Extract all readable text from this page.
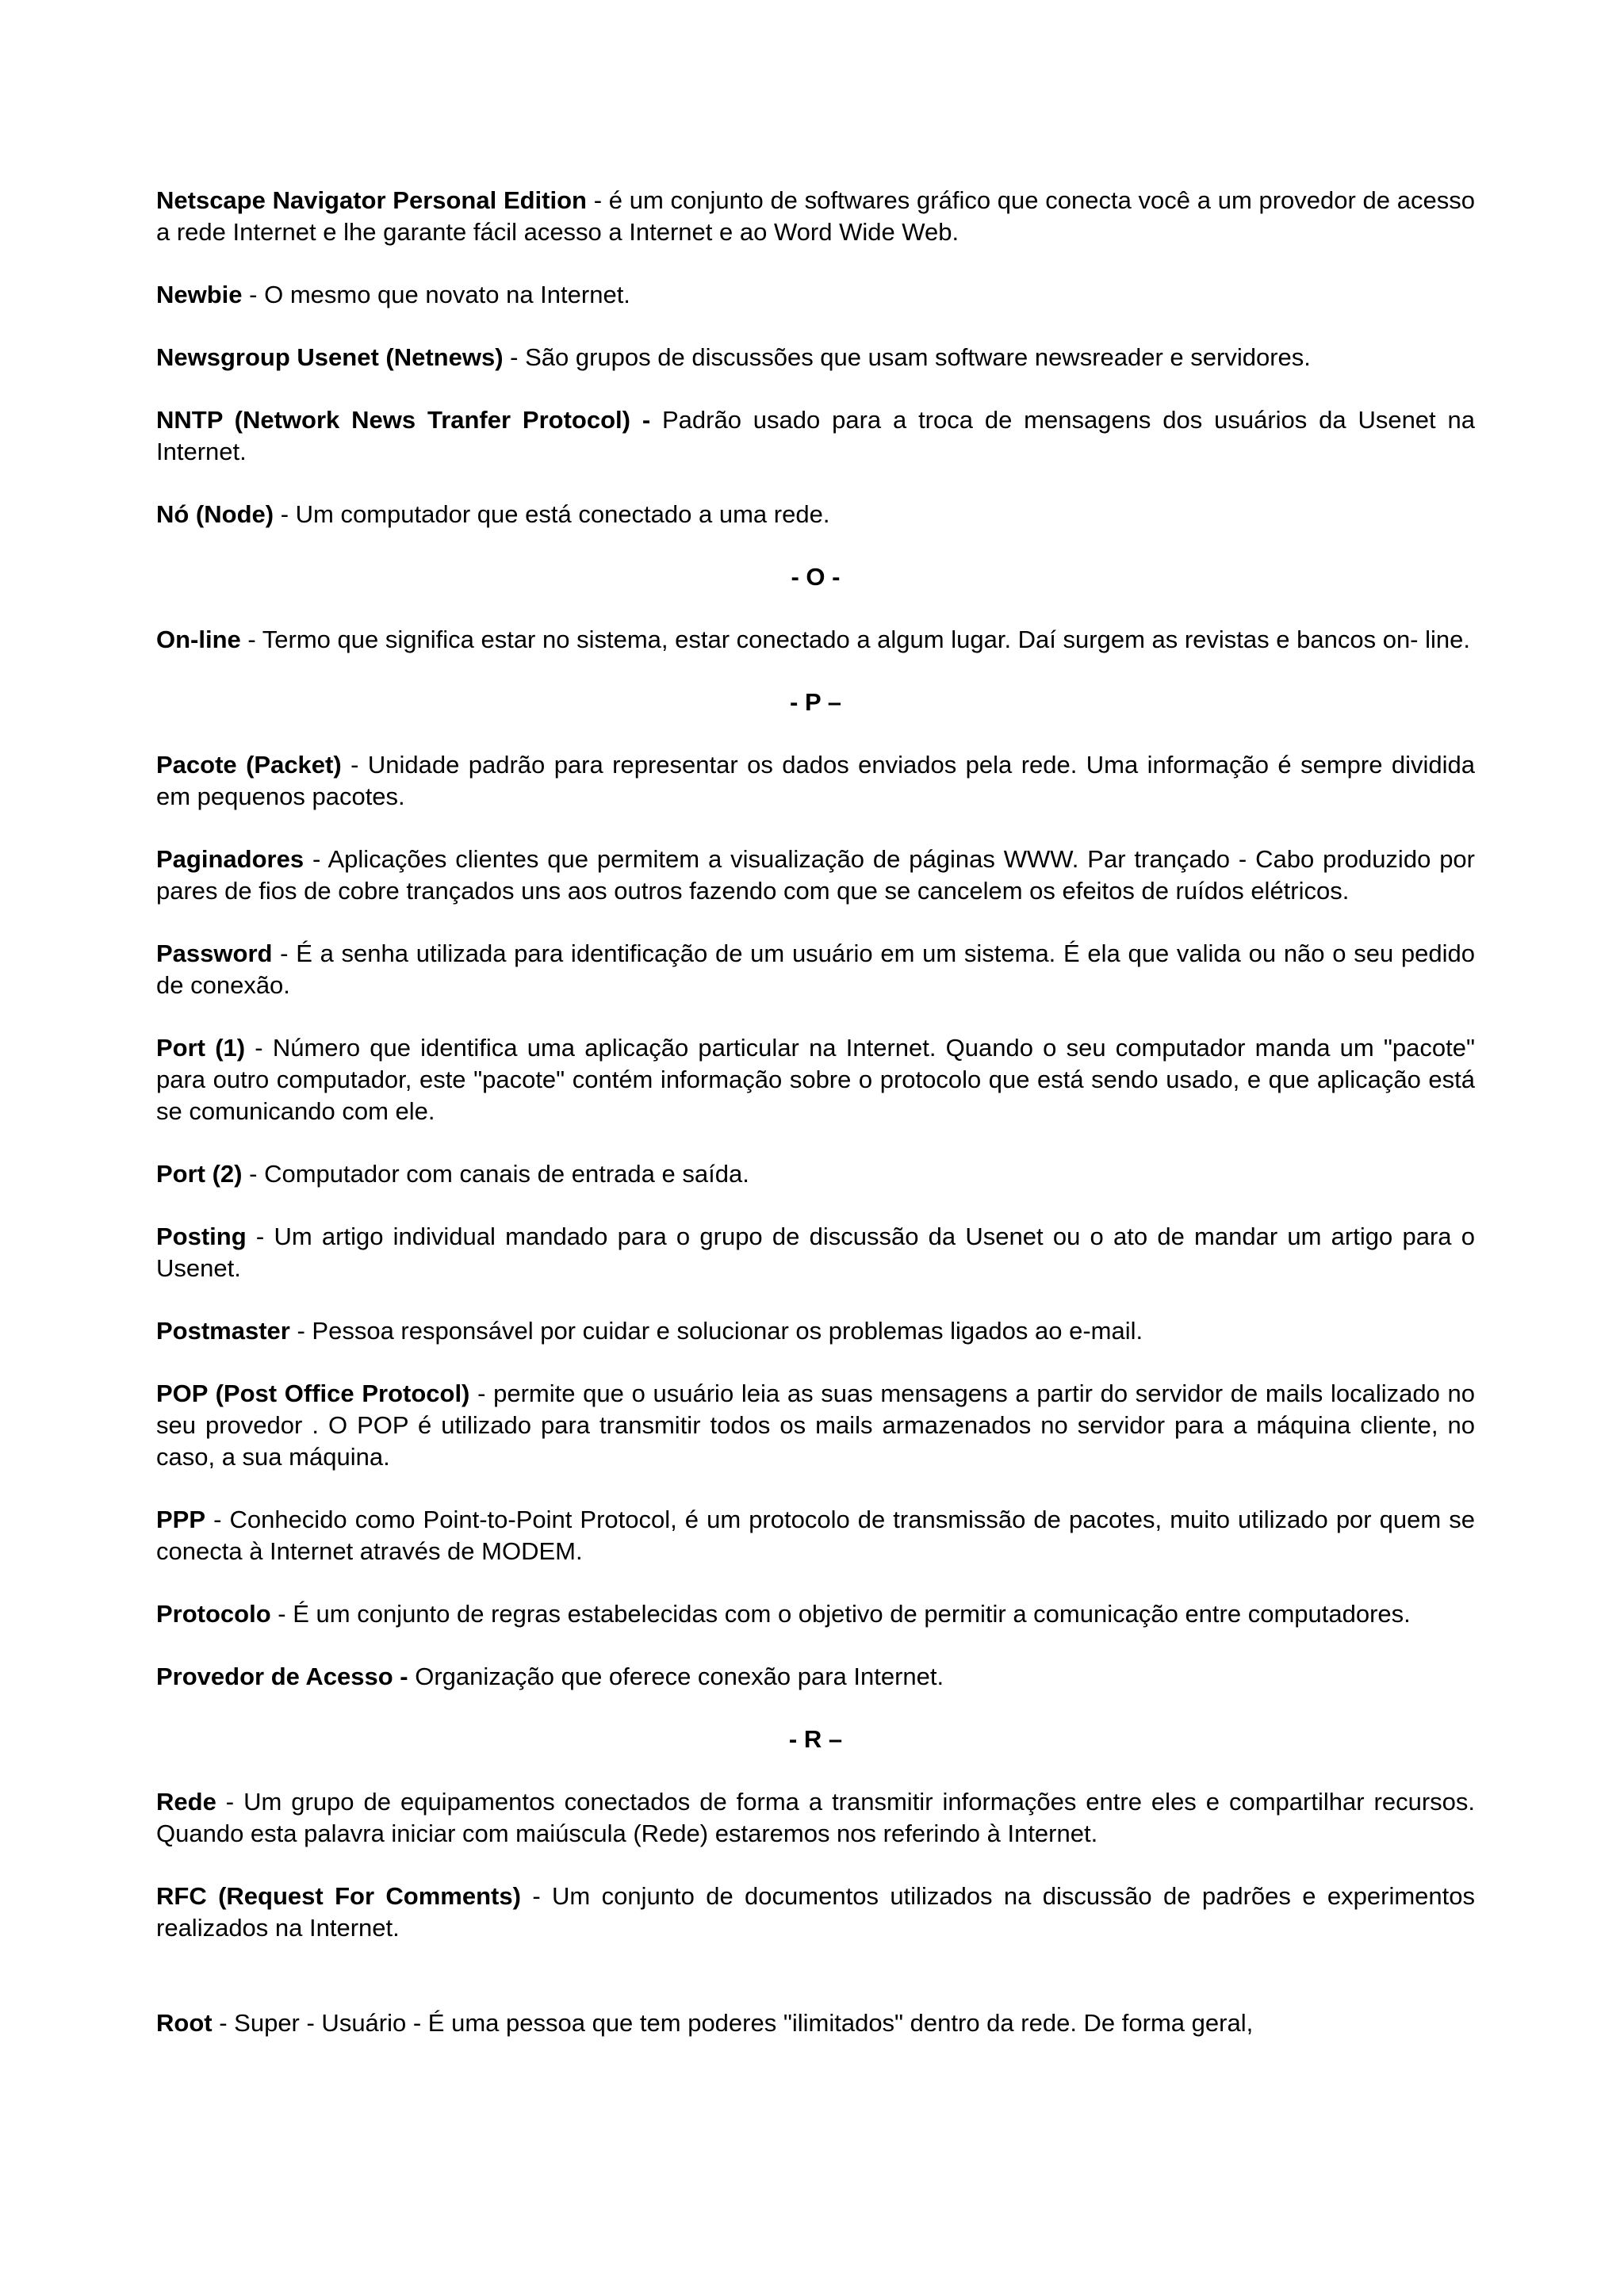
Netscape Navigator Personal Edition - é um conjunto de softwares gráfico que conecta você a um provedor de acesso a rede Internet e lhe garante fácil acesso a Internet e ao Word Wide Web.

Newbie - O mesmo que novato na Internet.

Newsgroup Usenet (Netnews) - São grupos de discussões que usam software newsreader e servidores.

NNTP (Network News Tranfer Protocol) - Padrão usado para a troca de mensagens dos usuários da Usenet na Internet.

Nó (Node) - Um computador que está conectado a uma rede.

- O -

On-line - Termo que significa estar no sistema, estar conectado a algum lugar. Daí surgem as revistas e bancos on- line.

- P –

Pacote (Packet) - Unidade padrão para representar os dados enviados pela rede. Uma informação é sempre dividida em pequenos pacotes.

Paginadores - Aplicações clientes que permitem a visualização de páginas WWW. Par trançado - Cabo produzido por pares de fios de cobre trançados uns aos outros fazendo com que se cancelem os efeitos de ruídos elétricos.

Password - É a senha utilizada para identificação de um usuário em um sistema. É ela que valida ou não o seu pedido de conexão.

Port (1) - Número que identifica uma aplicação particular na Internet. Quando o seu computador manda um "pacote" para outro computador, este "pacote" contém informação sobre o protocolo que está sendo usado, e que aplicação está se comunicando com ele.

Port (2) - Computador com canais de entrada e saída.

Posting - Um artigo individual mandado para o grupo de discussão da Usenet ou o ato de mandar um artigo para o Usenet.

Postmaster - Pessoa responsável por cuidar e solucionar os problemas ligados ao e-mail.

POP (Post Office Protocol) - permite que o usuário leia as suas mensagens a partir do servidor de mails localizado no seu provedor . O POP é utilizado para transmitir todos os mails armazenados no servidor para a máquina cliente, no caso, a sua máquina.

PPP - Conhecido como Point-to-Point Protocol, é um protocolo de transmissão de pacotes, muito utilizado por quem se conecta à Internet através de MODEM.

Protocolo - É um conjunto de regras estabelecidas com o objetivo de permitir a comunicação entre computadores.

Provedor de Acesso - Organização que oferece conexão para Internet.

- R –

Rede - Um grupo de equipamentos conectados de forma a transmitir informações entre eles e compartilhar recursos. Quando esta palavra iniciar com maiúscula (Rede) estaremos nos referindo à Internet.

RFC (Request For Comments) - Um conjunto de documentos utilizados na discussão de padrões e experimentos realizados na Internet.

Root - Super - Usuário - É uma pessoa que tem poderes "ilimitados" dentro da rede. De forma geral,
